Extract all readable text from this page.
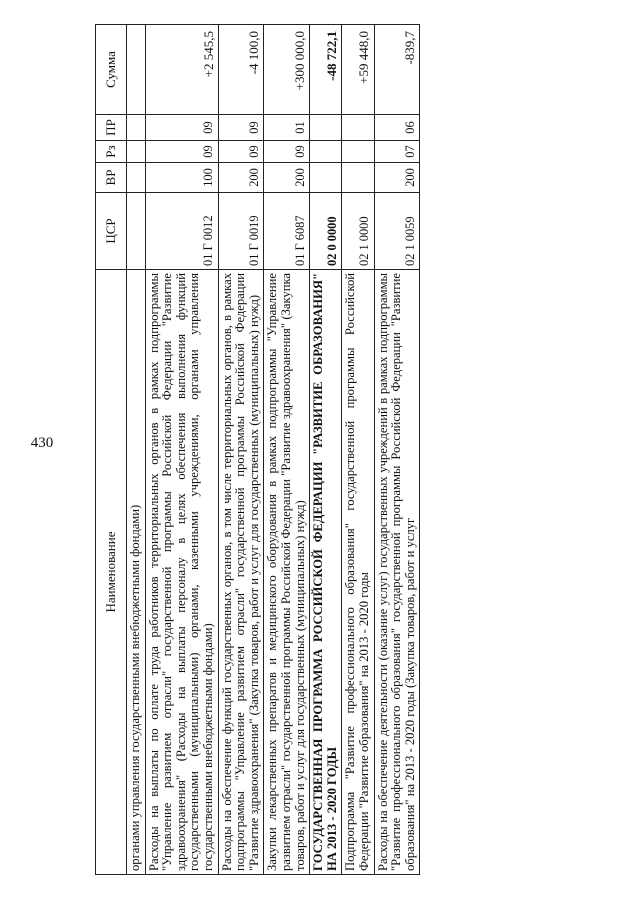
430
Наименование	ЦСР	ВР	Рз	ПР	Сумма
органами управления государственными внебюджетными фондами)					
Расходы на выплаты по оплате труда работников территориальных органов в рамках подпрограммы "Управление развитием отрасли" государственной программы Российской Федерации "Развитие здравоохранения" (Расходы на выплаты персоналу в целях обеспечения выполнения функций государственными (муниципальными) органами, казенными учреждениями, органами управления государственными внебюджетными фондами)	01 Г 0012	100	09	09	+2 545,5
Расходы на обеспечение функций государственных органов, в том числе территориальных органов, в рамках подпрограммы "Управление развитием отрасли" государственной программы Российской Федерации "Развитие здравоохранения" (Закупка товаров, работ и услуг для государственных (муниципальных) нужд)	01 Г 0019	200	09	09	-4 100,0
Закупки лекарственных препаратов и медицинского оборудования в рамках подпрограммы "Управление развитием отрасли" государственной программы Российской Федерации "Развитие здравоохранения" (Закупка товаров, работ и услуг для государственных (муниципальных) нужд)	01 Г 6087	200	09	01	+300 000,0
ГОСУДАРСТВЕННАЯ ПРОГРАММА РОССИЙСКОЙ ФЕДЕРАЦИИ "РАЗВИТИЕ ОБРАЗОВАНИЯ" НА 2013 - 2020 ГОДЫ	02 0 0000				-48 722,1
Подпрограмма "Развитие профессионального образования" государственной программы Российской Федерации "Развитие образования" на 2013 - 2020 годы	02 1 0000				+59 448,0
Расходы на обеспечение деятельности (оказание услуг) государственных учреждений в рамках подпрограммы "Развитие профессионального образования" государственной программы Российской Федерации "Развитие образования" на 2013 - 2020 годы (Закупка товаров, работ и услуг	02 1 0059	200	07	06	-839,7
